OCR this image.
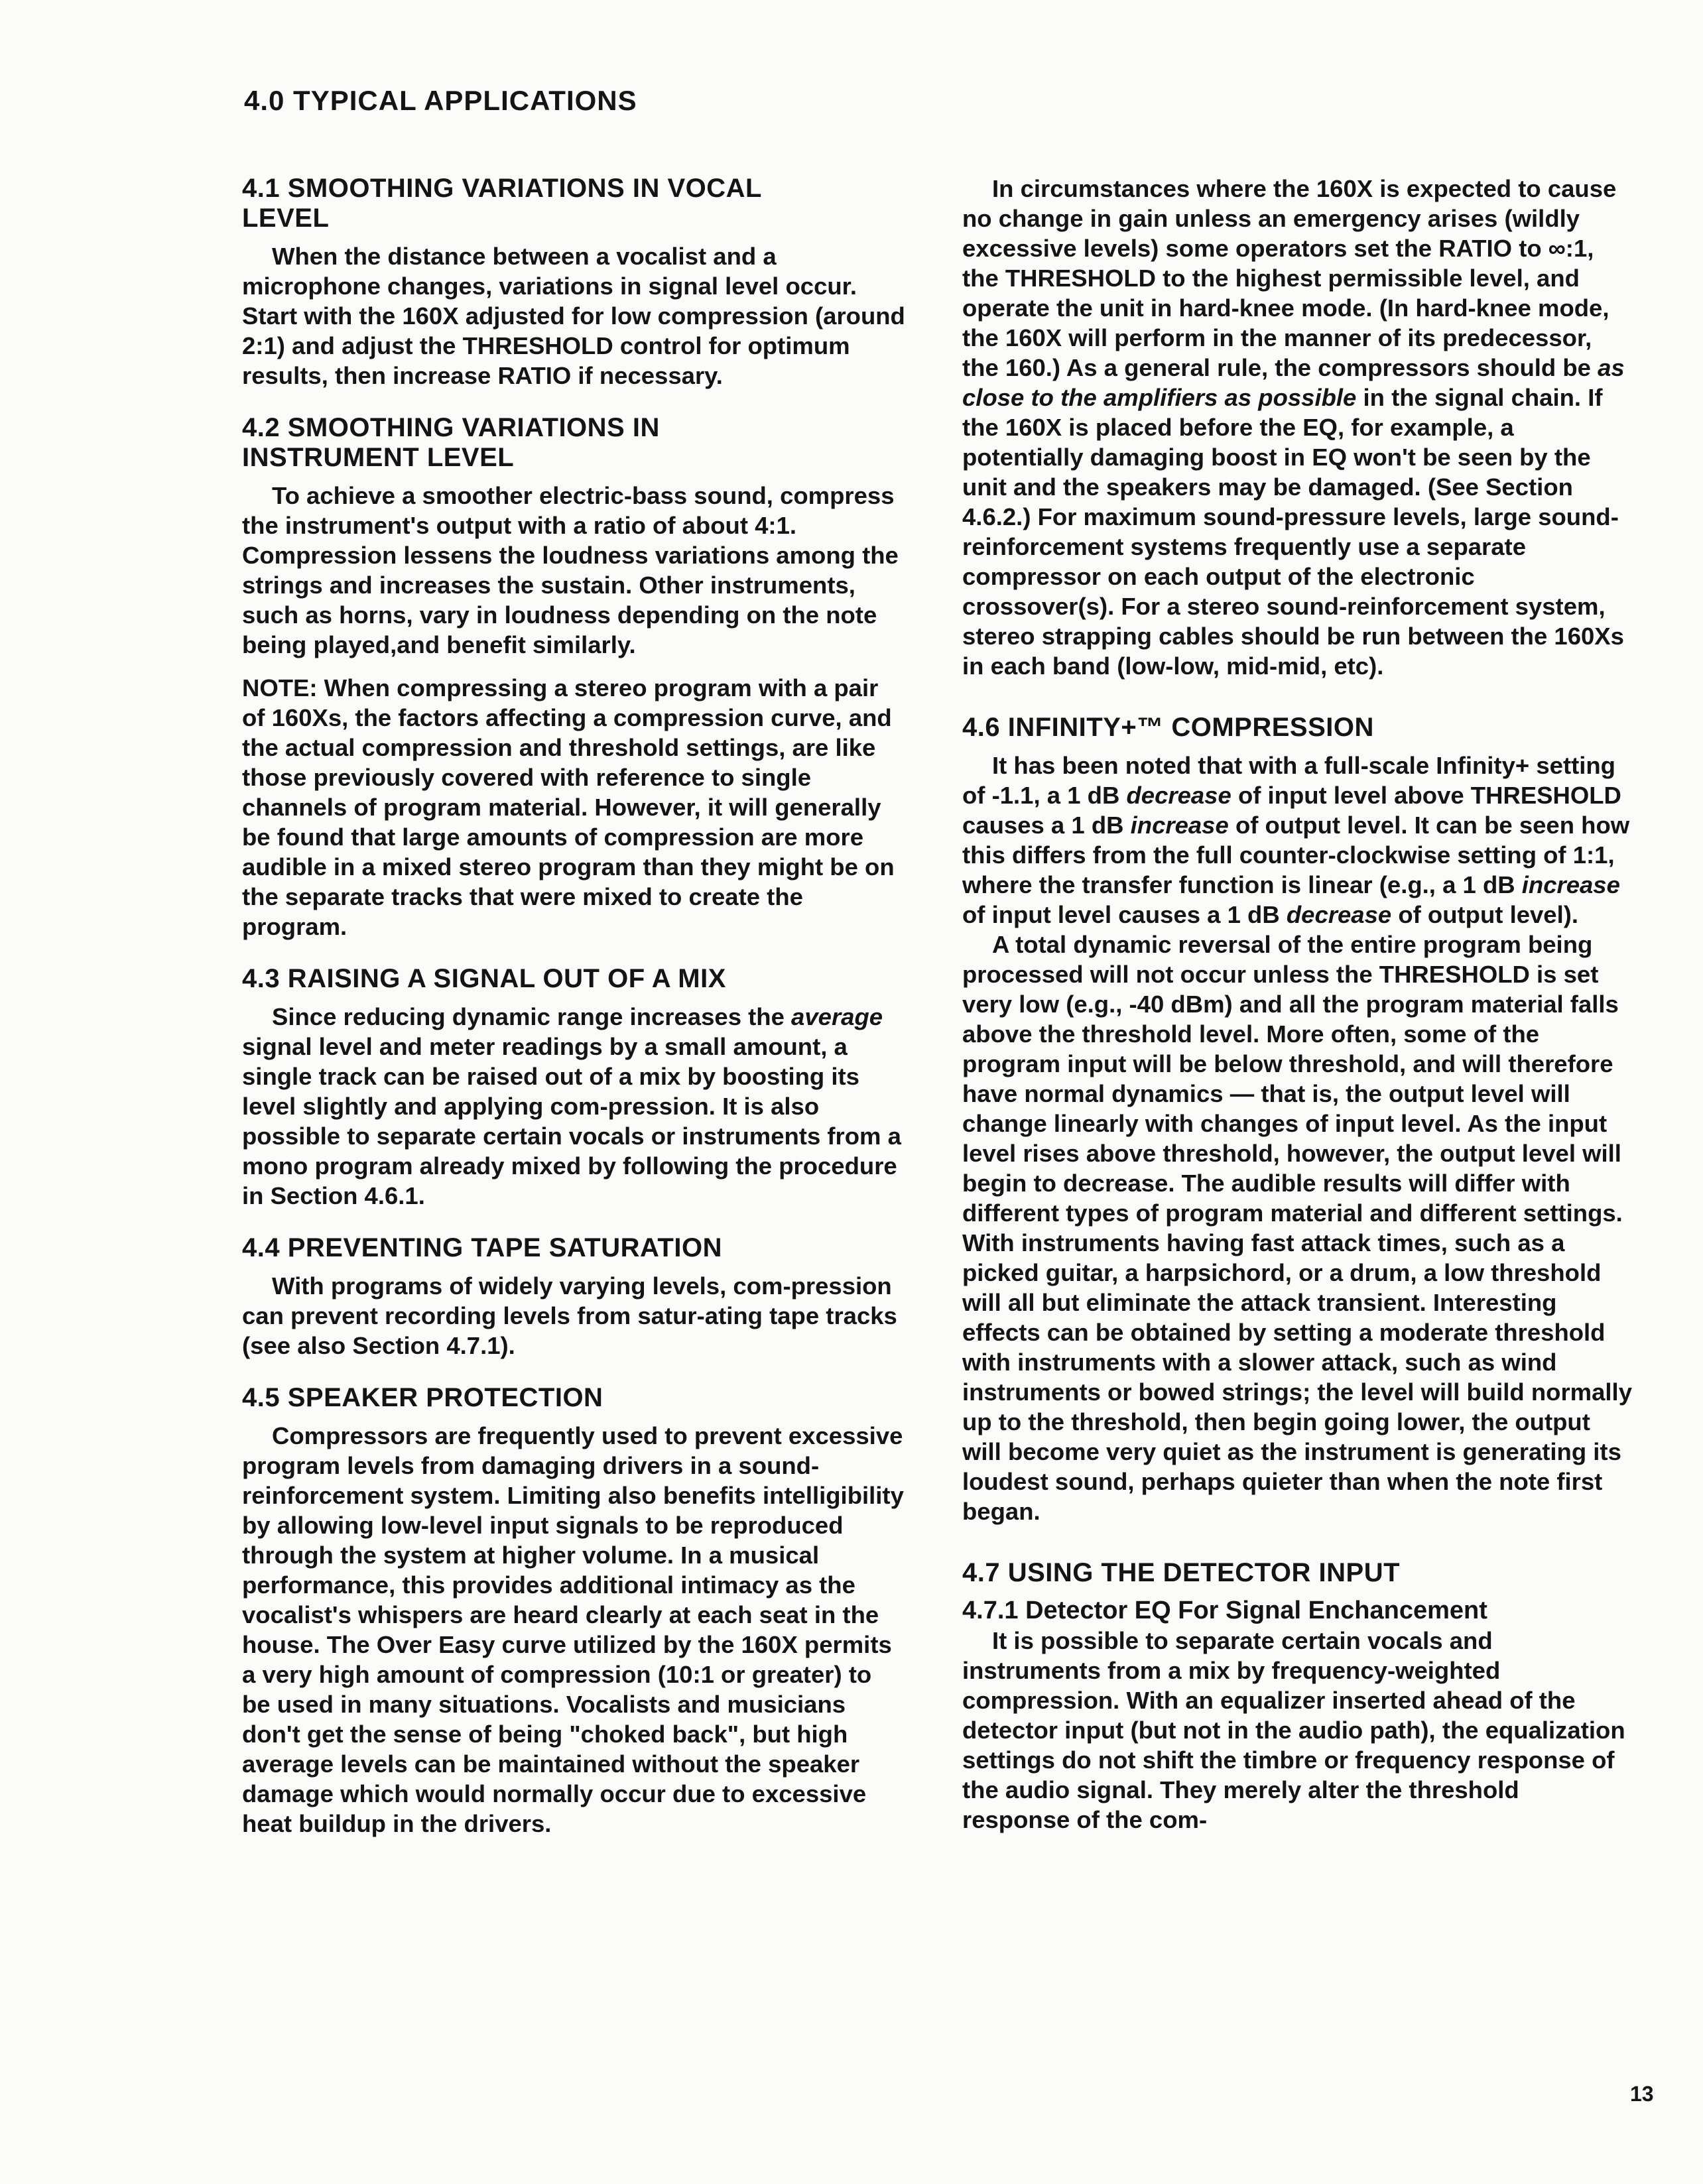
4.0 TYPICAL APPLICATIONS
4.1 SMOOTHING VARIATIONS IN VOCAL LEVEL

When the distance between a vocalist and a microphone changes, variations in signal level occur. Start with the 160X adjusted for low compression (around 2:1) and adjust the THRESHOLD control for optimum results, then increase RATIO if necessary.

4.2 SMOOTHING VARIATIONS IN INSTRUMENT LEVEL

To achieve a smoother electric-bass sound, compress the instrument's output with a ratio of about 4:1. Compression lessens the loudness variations among the strings and increases the sustain. Other instruments, such as horns, vary in loudness depending on the note being played,and benefit similarly.

NOTE: When compressing a stereo program with a pair of 160Xs, the factors affecting a compression curve, and the actual compression and threshold settings, are like those previously covered with reference to single channels of program material. However, it will generally be found that large amounts of compression are more audible in a mixed stereo program than they might be on the separate tracks that were mixed to create the program.

4.3 RAISING A SIGNAL OUT OF A MIX

Since reducing dynamic range increases the average signal level and meter readings by a small amount, a single track can be raised out of a mix by boosting its level slightly and applying com-pression. It is also possible to separate certain vocals or instruments from a mono program already mixed by following the procedure in Section 4.6.1.

4.4 PREVENTING TAPE SATURATION

With programs of widely varying levels, com-pression can prevent recording levels from satur-ating tape tracks (see also Section 4.7.1).

4.5 SPEAKER PROTECTION

Compressors are frequently used to prevent excessive program levels from damaging drivers in a sound-reinforcement system. Limiting also benefits intelligibility by allowing low-level input signals to be reproduced through the system at higher volume. In a musical performance, this provides additional intimacy as the vocalist's whispers are heard clearly at each seat in the house. The Over Easy curve utilized by the 160X permits a very high amount of compression (10:1 or greater) to be used in many situations. Vocalists and musicians don't get the sense of being "choked back", but high average levels can be maintained without the speaker damage which would normally occur due to excessive heat buildup in the drivers.

In circumstances where the 160X is expected to cause no change in gain unless an emergency arises (wildly excessive levels) some operators set the RATIO to ∞:1, the THRESHOLD to the highest permissible level, and operate the unit in hard-knee mode. (In hard-knee mode, the 160X will perform in the manner of its predecessor, the 160.) As a general rule, the compressors should be as close to the amplifiers as possible in the signal chain. If the 160X is placed before the EQ, for example, a potentially damaging boost in EQ won't be seen by the unit and the speakers may be damaged. (See Section 4.6.2.) For maximum sound-pressure levels, large sound-reinforcement systems frequently use a separate compressor on each output of the electronic crossover(s). For a stereo sound-reinforcement system, stereo strapping cables should be run between the 160Xs in each band (low-low, mid-mid, etc).

4.6 INFINITY+™ COMPRESSION

It has been noted that with a full-scale Infinity+ setting of -1.1, a 1 dB decrease of input level above THRESHOLD causes a 1 dB increase of output level. It can be seen how this differs from the full counter-clockwise setting of 1:1, where the transfer function is linear (e.g., a 1 dB increase of input level causes a 1 dB decrease of output level).

A total dynamic reversal of the entire program being processed will not occur unless the THRESHOLD is set very low (e.g., -40 dBm) and all the program material falls above the threshold level. More often, some of the program input will be below threshold, and will therefore have normal dynamics — that is, the output level will change linearly with changes of input level. As the input level rises above threshold, however, the output level will begin to decrease. The audible results will differ with different types of program material and different settings. With instruments having fast attack times, such as a picked guitar, a harpsichord, or a drum, a low threshold will all but eliminate the attack transient. Interesting effects can be obtained by setting a moderate threshold with instruments with a slower attack, such as wind instruments or bowed strings; the level will build normally up to the threshold, then begin going lower, the output will become very quiet as the instrument is generating its loudest sound, perhaps quieter than when the note first began.

4.7 USING THE DETECTOR INPUT
4.7.1 Detector EQ For Signal Enchancement

It is possible to separate certain vocals and instruments from a mix by frequency-weighted compression. With an equalizer inserted ahead of the detector input (but not in the audio path), the equalization settings do not shift the timbre or frequency response of the audio signal. They merely alter the threshold response of the com-

13
